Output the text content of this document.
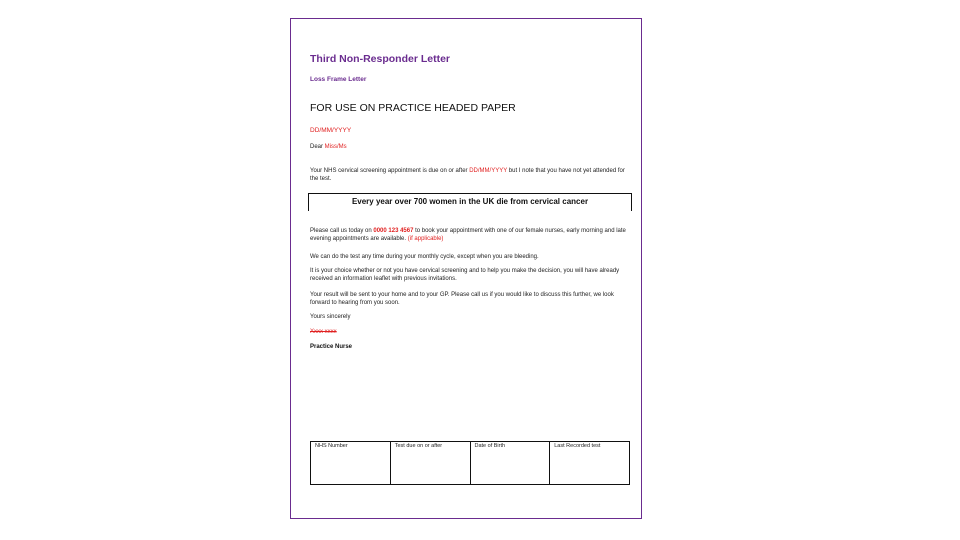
Third Non-Responder Letter
Loss Frame Letter
FOR USE ON PRACTICE HEADED PAPER
DD/MM/YYYY
Dear Miss/Ms
Your NHS cervical screening appointment is due on or after DD/MM/YYYY but I note that you have not yet attended for the test.
Every year over 700 women in the UK die from cervical cancer
Please call us today on 0000 123 4567 to book your appointment with one of our female nurses, early morning and late evening appointments are available. (if applicable)
We can do the test any time during your monthly cycle, except when you are bleeding.
It is your choice whether or not you have cervical screening and to help you make the decision, you will have already received an information leaflet with previous invitations.
Your result will be sent to your home and to your GP. Please call us if you would like to discuss this further, we look forward to hearing from you soon.
Yours sincerely
Xxxx xxxx
Practice Nurse
NHS Number	Test due on or after	Date of Birth	Last Recorded test
